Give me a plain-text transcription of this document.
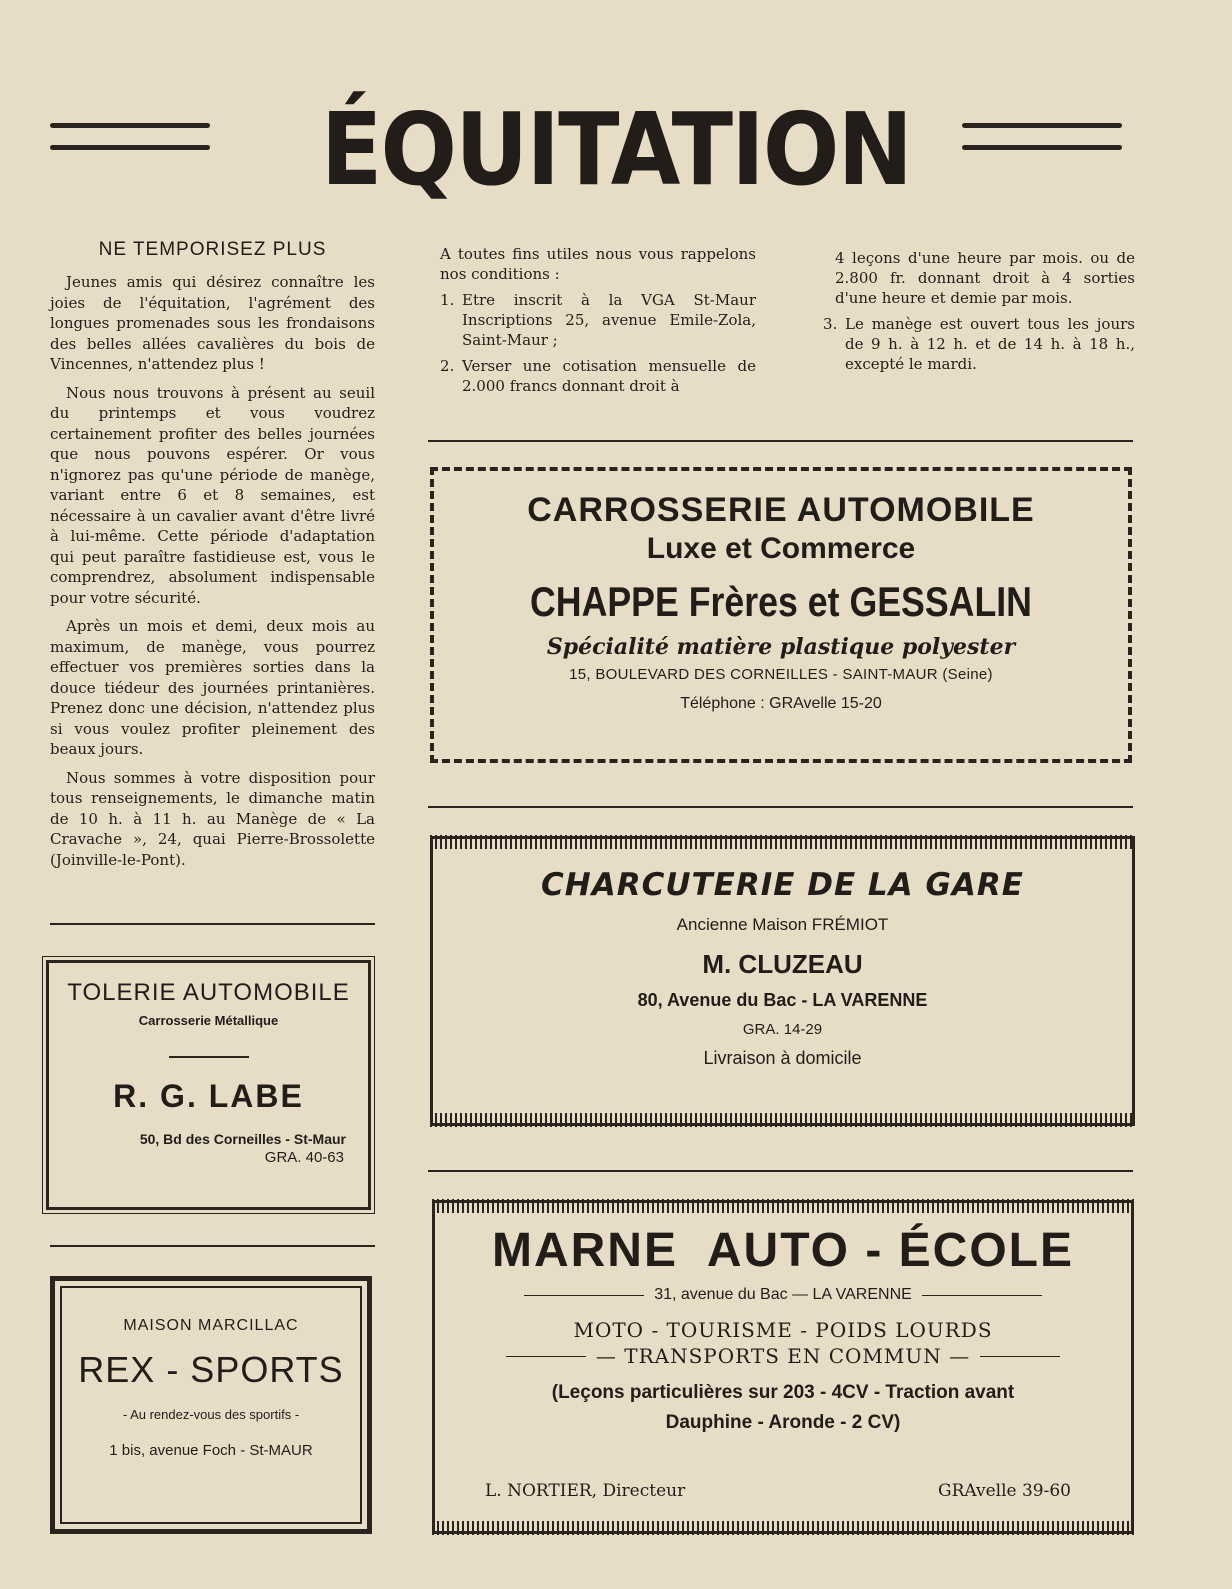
ÉQUITATION
NE TEMPORISEZ PLUS

Jeunes amis qui désirez connaître les joies de l'équitation, l'agrément des longues promenades sous les frondaisons des belles allées cavalières du bois de Vincennes, n'attendez plus !

Nous nous trouvons à présent au seuil du printemps et vous voudrez certainement profiter des belles journées que nous pouvons espérer. Or vous n'ignorez pas qu'une période de manège, variant entre 6 et 8 semaines, est nécessaire à un cavalier avant d'être livré à lui-même. Cette période d'adaptation qui peut paraître fastidieuse est, vous le comprendrez, absolument indispensable pour votre sécurité.

Après un mois et demi, deux mois au maximum, de manège, vous pourrez effectuer vos premières sorties dans la douce tiédeur des journées printanières. Prenez donc une décision, n'attendez plus si vous voulez profiter pleinement des beaux jours.

Nous sommes à votre disposition pour tous renseignements, le dimanche matin de 10 h. à 11 h. au Manège de « La Cravache », 24, quai Pierre-Brossolette (Joinville-le-Pont).

A toutes fins utiles nous vous rappelons nos conditions :

1. Etre inscrit à la VGA St-Maur Inscriptions 25, avenue Emile-Zola, Saint-Maur ;
2. Verser une cotisation mensuelle de 2.000 francs donnant droit à

4 leçons d'une heure par mois. ou de 2.800 fr. donnant droit à 4 sorties d'une heure et demie par mois.

3. Le manège est ouvert tous les jours de 9 h. à 12 h. et de 14 h. à 18 h., excepté le mardi.
CARROSSERIE AUTOMOBILE
Luxe et Commerce
CHAPPE Frères et GESSALIN
Spécialité matière plastique polyester
15, BOULEVARD DES CORNEILLES - SAINT-MAUR (Seine)
Téléphone : GRAvelle 15-20
CHARCUTERIE DE LA GARE
Ancienne Maison FRÉMIOT
M. CLUZEAU
80, Avenue du Bac - LA VARENNE
GRA. 14-29
Livraison à domicile
MARNE  AUTO - ÉCOLE
31, avenue du Bac — LA VARENNE
MOTO - TOURISME - POIDS LOURDS
— TRANSPORTS EN COMMUN —
(Leçons particulières sur 203 - 4CV - Traction avant
Dauphine - Aronde - 2 CV)
L. NORTIER, Directeur	GRAvelle 39-60
TOLERIE AUTOMOBILE
Carrosserie Métallique
R. G. LABE
50, Bd des Corneilles - St-Maur
GRA. 40-63
MAISON MARCILLAC
REX - SPORTS
- Au rendez-vous des sportifs -
1 bis, avenue Foch - St-MAUR
